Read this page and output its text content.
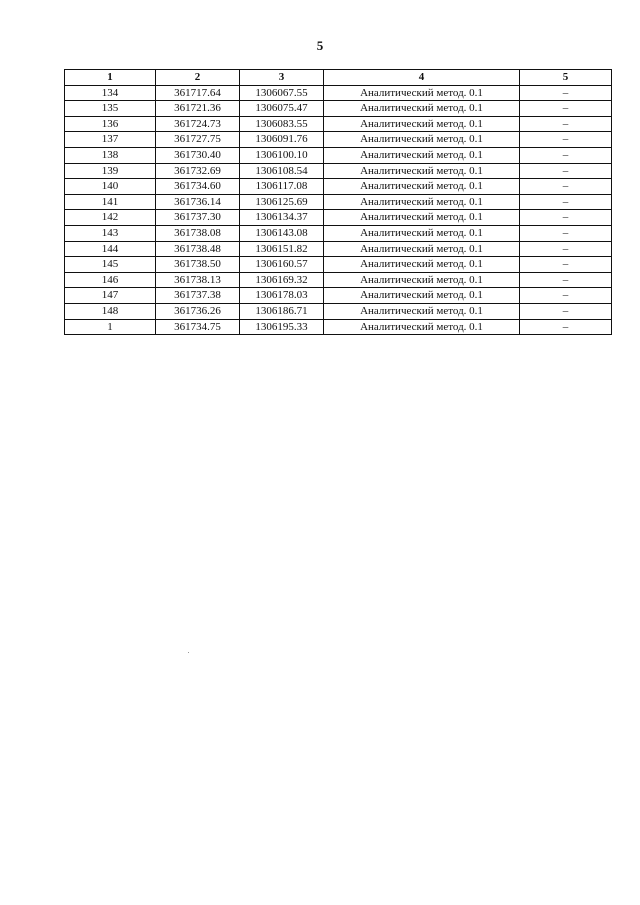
5
1	2	3	4	5
134	361717.64	1306067.55	Аналитический метод. 0.1	–
135	361721.36	1306075.47	Аналитический метод. 0.1	–
136	361724.73	1306083.55	Аналитический метод. 0.1	–
137	361727.75	1306091.76	Аналитический метод. 0.1	–
138	361730.40	1306100.10	Аналитический метод. 0.1	–
139	361732.69	1306108.54	Аналитический метод. 0.1	–
140	361734.60	1306117.08	Аналитический метод. 0.1	–
141	361736.14	1306125.69	Аналитический метод. 0.1	–
142	361737.30	1306134.37	Аналитический метод. 0.1	–
143	361738.08	1306143.08	Аналитический метод. 0.1	–
144	361738.48	1306151.82	Аналитический метод. 0.1	–
145	361738.50	1306160.57	Аналитический метод. 0.1	–
146	361738.13	1306169.32	Аналитический метод. 0.1	–
147	361737.38	1306178.03	Аналитический метод. 0.1	–
148	361736.26	1306186.71	Аналитический метод. 0.1	–
1	361734.75	1306195.33	Аналитический метод. 0.1	–
